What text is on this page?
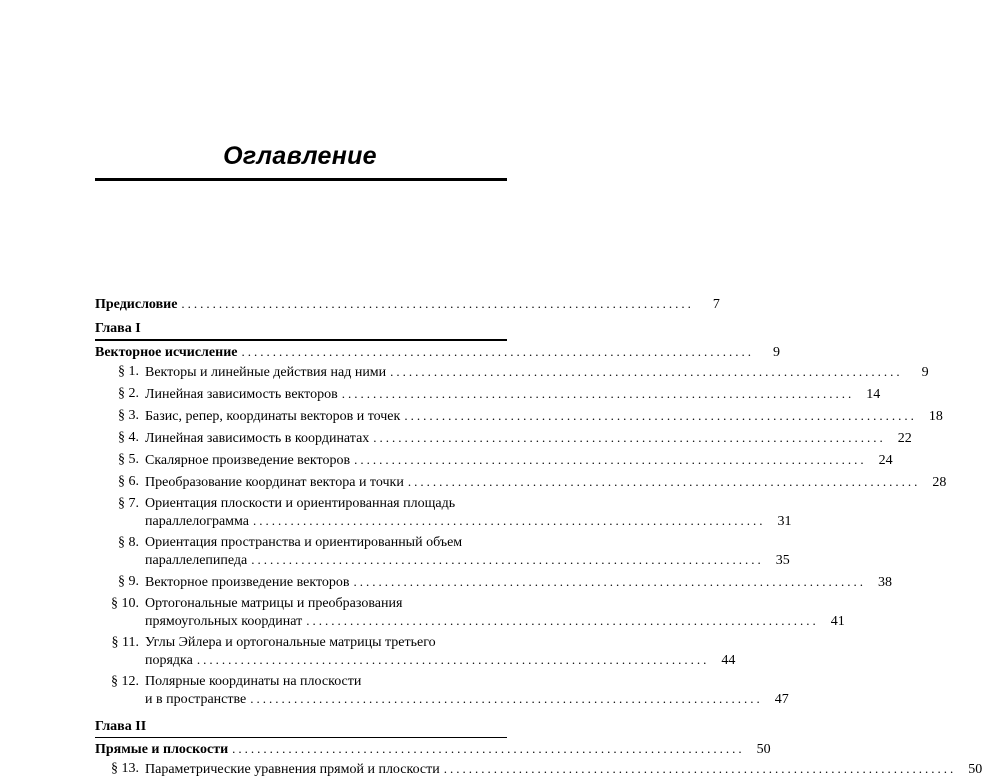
Оглавление
Предисловие ..................................................................................	7
Глава I
Векторное исчисление ..................................................................................	9
§ 1. Векторы и линейные действия над ними ..................................................................................	9
§ 2. Линейная зависимость векторов .................................................................................. 14
§ 3. Базис, репер, координаты векторов и точек .................................................................................. 18
§ 4. Линейная зависимость в координатах .................................................................................. 22
§ 5. Скалярное произведение векторов .................................................................................. 24
§ 6. Преобразование координат вектора и точки .................................................................................. 28
§ 7. Ориентация плоскости и ориентированная площадь
параллелограмма .................................................................................. 31
§ 8. Ориентация пространства и ориентированный объем
параллелепипеда .................................................................................. 35
§ 9. Векторное произведение векторов .................................................................................. 38
§ 10. Ортогональные матрицы и преобразования
прямоугольных координат .................................................................................. 41
§ 11. Углы Эйлера и ортогональные матрицы третьего
порядка .................................................................................. 44
§ 12. Полярные координаты на плоскости
и в пространстве .................................................................................. 47
Глава II
Прямые и плоскости .................................................................................. 50
§ 13. Параметрические уравнения прямой и плоскости .................................................................................. 50
